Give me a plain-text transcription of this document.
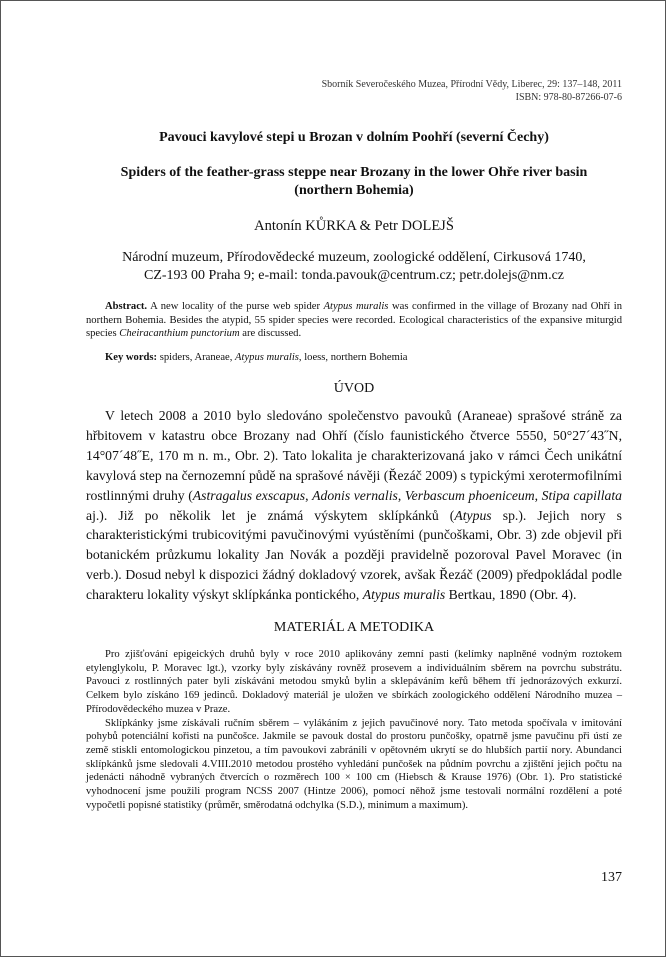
Sborník Severočeského Muzea, Přírodní Vědy, Liberec, 29: 137–148, 2011
ISBN: 978-80-87266-07-6
Pavouci kavylové stepi u Brozan v dolním Poohří (severní Čechy)
Spiders of the feather-grass steppe near Brozany in the lower Ohře river basin
(northern Bohemia)
Antonín KŮRKA & Petr DOLEJŠ
Národní muzeum, Přírodovědecké muzeum, zoologické oddělení, Cirkusová 1740,
CZ-193 00 Praha 9; e-mail: tonda.pavouk@centrum.cz; petr.dolejs@nm.cz

Abstract. A new locality of the purse web spider Atypus muralis was confirmed in the village of Brozany nad Ohří in northern Bohemia. Besides the atypid, 55 spider species were recorded. Ecological characteristics of the expansive miturgid species Cheiracanthium punctorium are discussed.

Key words: spiders, Araneae, Atypus muralis, loess, northern Bohemia

ÚVOD

V letech 2008 a 2010 bylo sledováno společenstvo pavouků (Araneae) sprašové stráně za hřbitovem v katastru obce Brozany nad Ohří (číslo faunistického čtverce 5550, 50°27´43˝N, 14°07´48˝E, 170 m n. m., Obr. 2). Tato lokalita je charakterizovaná jako v rámci Čech unikátní kavylová step na černozemní půdě na sprašové návěji (Řezáč 2009) s typickými xerotermofilními rostlinnými druhy (Astragalus exscapus, Adonis vernalis, Verbascum phoeniceum, Stipa capillata aj.). Již po několik let je známá výskytem sklípkánků (Atypus sp.). Jejich nory s charakteristickými trubicovitými pavučinovými vyústěními (punčoškami, Obr. 3) zde objevil při botanickém průzkumu lokality Jan Novák a později pravidelně pozoroval Pavel Moravec (in verb.). Dosud nebyl k dispozici žádný dokladový vzorek, avšak Řezáč (2009) předpokládal podle charakteru lokality výskyt sklípkánka pontického, Atypus muralis Bertkau, 1890 (Obr. 4).

MATERIÁL A METODIKA

Pro zjišťování epigeických druhů byly v roce 2010 aplikovány zemní pasti (kelímky naplněné vodným roztokem etylenglykolu, P. Moravec lgt.), vzorky byly získávány rovněž prosevem a individuálním sběrem na povrchu substrátu. Pavouci z rostlinných pater byli získáváni metodou smyků bylin a sklepáváním keřů během tří jednorázových exkurzí. Celkem bylo získáno 169 jedinců. Dokladový materiál je uložen ve sbírkách zoologického oddělení Národního muzea – Přírodovědeckého muzea v Praze.

Sklípkánky jsme získávali ručním sběrem – vylákáním z jejich pavučinové nory. Tato metoda spočívala v imitování pohybů potenciální kořisti na punčošce. Jakmile se pavouk dostal do prostoru punčošky, opatrně jsme pavučinu při ústí ze země stiskli entomologickou pinzetou, a tím pavoukovi zabránili v opětovném ukrytí se do hlubších partií nory. Abundanci sklípkánků jsme sledovali 4.VIII.2010 metodou prostého vyhledání punčošek na půdním povrchu a zjištění jejich počtu na jedenácti náhodně vybraných čtvercích o rozměrech 100 × 100 cm (Hiebsch & Krause 1976) (Obr. 1). Pro statistické vyhodnocení jsme použili program NCSS 2007 (Hintze 2006), pomocí něhož jsme testovali normální rozdělení a poté vypočetli popisné statistiky (průměr, směrodatná odchylka (S.D.), minimum a maximum).

137
